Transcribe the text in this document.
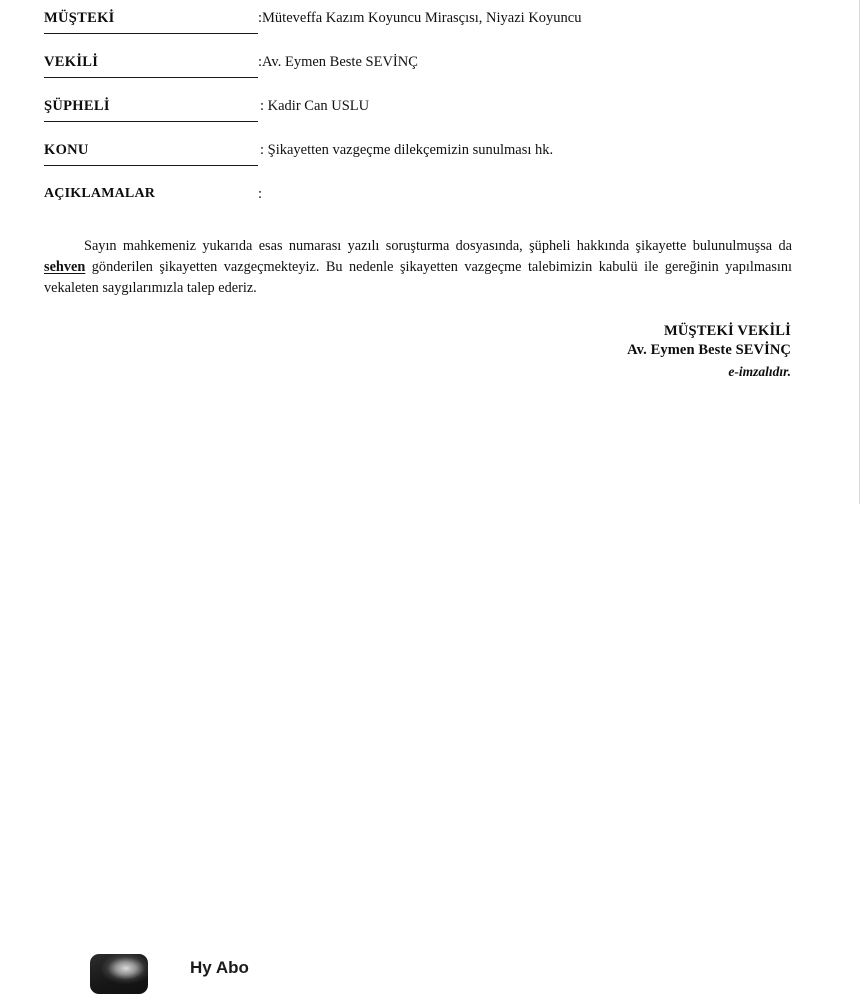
MÜŞTEKİ	:Müteveffa Kazım Koyuncu Mirasçısı, Niyazi Koyuncu
VEKİLİ	:Av. Eymen Beste SEVİNÇ
ŞÜPHELİ	: Kadir Can USLU
KONU	: Şikayetten vazgeçme dilekçemizin sunulması hk.
AÇIKLAMALAR	:

Sayın mahkemeniz yukarıda esas numarası yazılı soruşturma dosyasında, şüpheli hakkında şikayette bulunulmuşsa da sehven gönderilen şikayetten vazgeçmekteyiz. Bu nedenle şikayetten vazgeçme talebimizin kabulü ile gereğinin yapılmasını vekaleten saygılarımızla talep ederiz.

MÜŞTEKİ VEKİLİ
Av. Eymen Beste SEVİNÇ
e-imzalıdır.
Hy Abo
